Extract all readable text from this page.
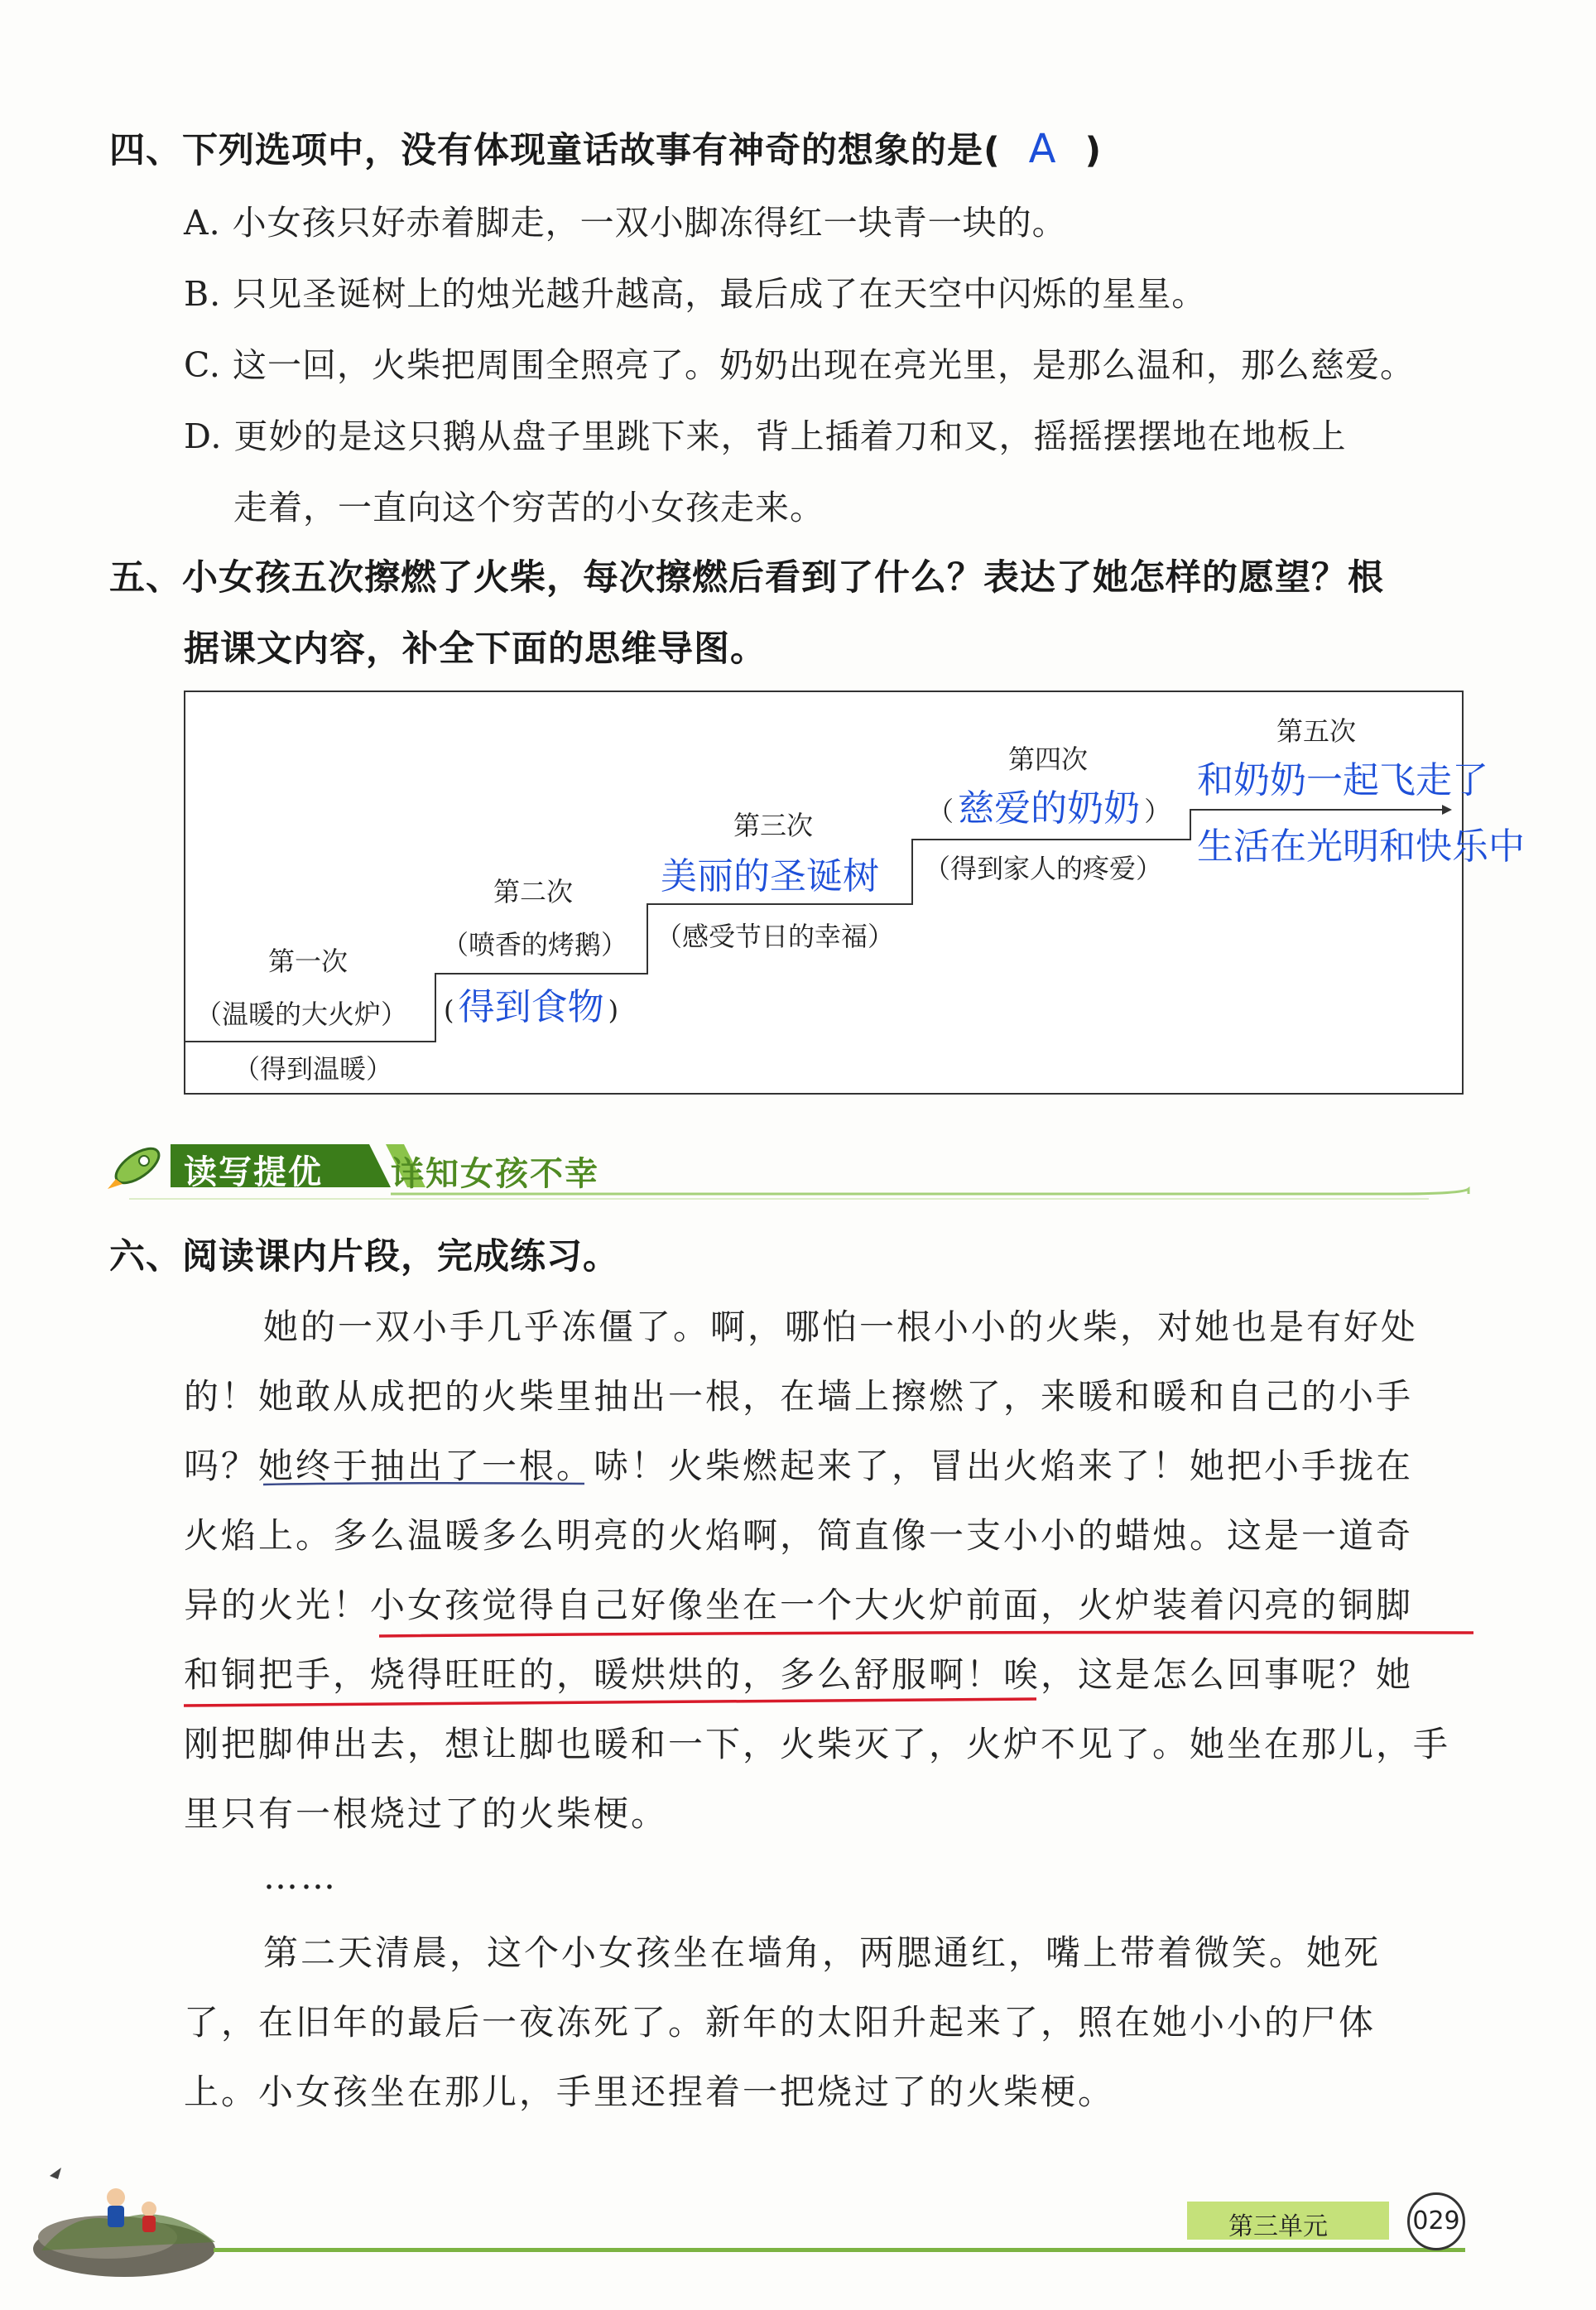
四、下列选项中，没有体现童话故事有神奇的想象的是( A )
A. 小女孩只好赤着脚走，一双小脚冻得红一块青一块的。
B. 只见圣诞树上的烛光越升越高，最后成了在天空中闪烁的星星。
C. 这一回，火柴把周围全照亮了。奶奶出现在亮光里，是那么温和，那么慈爱。
D. 更妙的是这只鹅从盘子里跳下来，背上插着刀和叉，摇摇摆摆地在地板上
走着，一直向这个穷苦的小女孩走来。
五、小女孩五次擦燃了火柴，每次擦燃后看到了什么？表达了她怎样的愿望？根
据课文内容，补全下面的思维导图。
第一次
（温暖的大火炉）
（得到温暖）
第二次
（喷香的烤鹅）
( 得到食物 )
第三次
美丽的圣诞树
（感受节日的幸福）
第四次
（ 慈爱的奶奶 ）
（得到家人的疼爱）
第五次
和奶奶一起飞走了
生活在光明和快乐中
读写提优 详知女孩不幸
六、阅读课内片段，完成练习。
她的一双小手几乎冻僵了。啊，哪怕一根小小的火柴，对她也是有好处
的！她敢从成把的火柴里抽出一根，在墙上擦燃了，来暖和暖和自己的小手
吗？她终于抽出了一根。哧！火柴燃起来了，冒出火焰来了！她把小手拢在
火焰上。多么温暖多么明亮的火焰啊，简直像一支小小的蜡烛。这是一道奇
异的火光！小女孩觉得自己好像坐在一个大火炉前面，火炉装着闪亮的铜脚
和铜把手，烧得旺旺的，暖烘烘的，多么舒服啊！唉，这是怎么回事呢？她
刚把脚伸出去，想让脚也暖和一下，火柴灭了，火炉不见了。她坐在那儿，手
里只有一根烧过了的火柴梗。
……
第二天清晨，这个小女孩坐在墙角，两腮通红，嘴上带着微笑。她死
了，在旧年的最后一夜冻死了。新年的太阳升起来了，照在她小小的尸体
上。小女孩坐在那儿，手里还捏着一把烧过了的火柴梗。
第三单元	029
